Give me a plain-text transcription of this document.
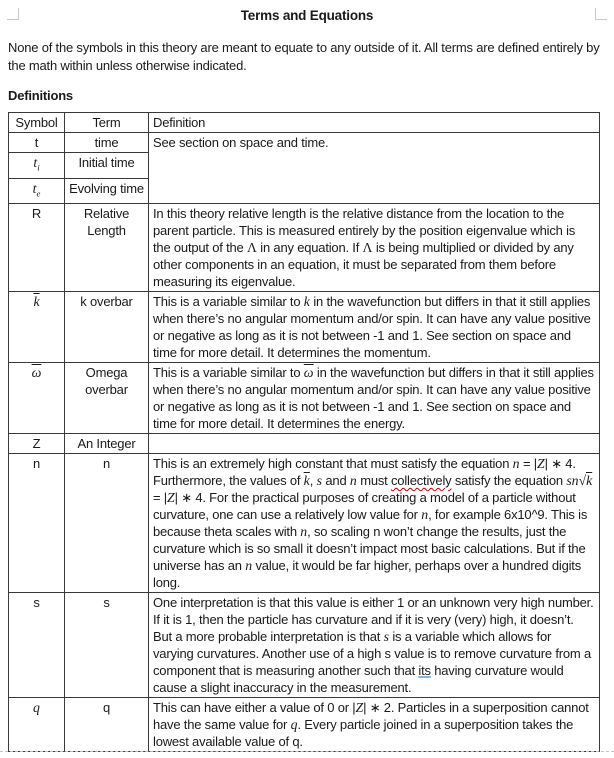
Terms and Equations
None of the symbols in this theory are meant to equate to any outside of it. All terms are defined entirely by the math within unless otherwise indicated.
Definitions
Symbol	Term	Definition
t	time	See section on space and time.
$t_i$	Initial time	
$t_e$	Evolving time	
R	Relative Length	In this theory relative length is the relative distance from the location to the parent particle. This is measured entirely by the position eigenvalue which is the output of the Λ in any equation. If Λ is being multiplied or divided by any other components in an equation, it must be separated from them before measuring its eigenvalue.
$\overline{k}$	k overbar	This is a variable similar to k in the wavefunction but differs in that it still applies when there’s no angular momentum and/or spin. It can have any value positive or negative as long as it is not between -1 and 1. See section on space and time for more detail. It determines the momentum.
$\overline{\omega}$	Omega overbar	This is a variable similar to $\overline{\omega}$ in the wavefunction but differs in that it still applies when there’s no angular momentum and/or spin. It can have any value positive or negative as long as it is not between -1 and 1. See section on space and time for more detail. It determines the energy.
Z	An Integer	
n	n	This is an extremely high constant that must satisfy the equation n = |Z| ∗ 4. Furthermore, the values of $\overline{k}$, s and n must collectively satisfy the equation sn√k = |Z| ∗ 4. For the practical purposes of creating a model of a particle without curvature, one can use a relatively low value for n, for example 6x10^9. This is because theta scales with n, so scaling n won’t change the results, just the curvature which is so small it doesn’t impact most basic calculations. But if the universe has an n value, it would be far higher, perhaps over a hundred digits long.
s	s	One interpretation is that this value is either 1 or an unknown very high number. If it is 1, then the particle has curvature and if it is very (very) high, it doesn’t. But a more probable interpretation is that s is a variable which allows for varying curvatures. Another use of a high s value is to remove curvature from a component that is measuring another such that its having curvature would cause a slight inaccuracy in the measurement.
q	q	This can have either a value of 0 or |Z| ∗ 2. Particles in a superposition cannot have the same value for q. Every particle joined in a superposition takes the lowest available value of q.
